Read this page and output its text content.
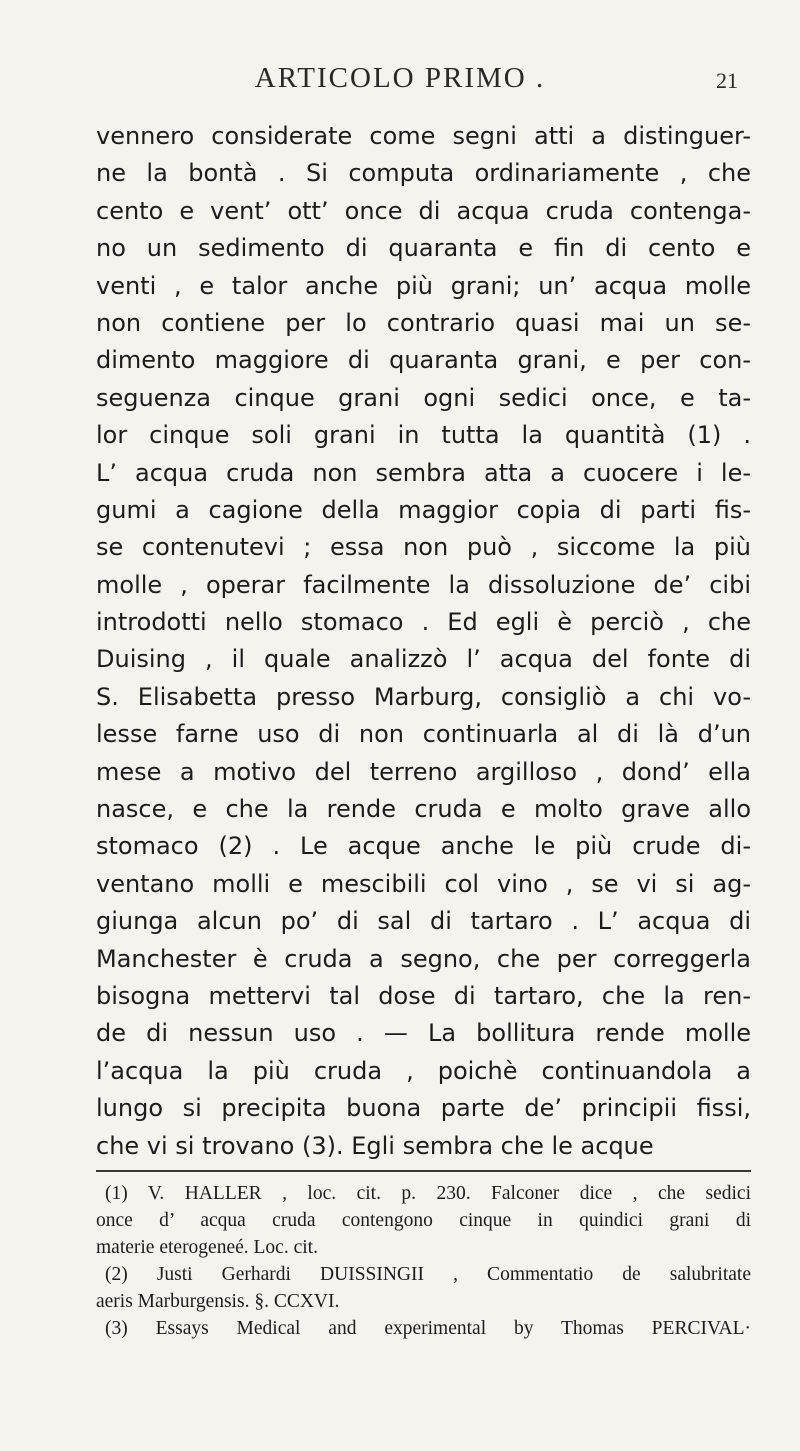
ARTICOLO PRIMO .	21
vennero considerate come segni atti a distinguer-
ne la bontà . Si computa ordinariamente , che
cento e vent’ ott’ once di acqua cruda contenga-
no un sedimento di quaranta e fin di cento e
venti , e talor anche più grani; un’ acqua molle
non contiene per lo contrario quasi mai un se-
dimento maggiore di quaranta grani, e per con-
seguenza cinque grani ogni sedici once, e ta-
lor cinque soli grani in tutta la quantità (1) .
L’ acqua cruda non sembra atta a cuocere i le-
gumi a cagione della maggior copia di parti fis-
se contenutevi ; essa non può , siccome la più
molle , operar facilmente la dissoluzione de’ cibi
introdotti nello stomaco . Ed egli è perciò , che
Duising , il quale analizzò l’ acqua del fonte di
S. Elisabetta presso Marburg, consigliò a chi vo-
lesse farne uso di non continuarla al di là d’un
mese a motivo del terreno argilloso , dond’ ella
nasce, e che la rende cruda e molto grave allo
stomaco (2) . Le acque anche le più crude di-
ventano molli e mescibili col vino , se vi si ag-
giunga alcun po’ di sal di tartaro . L’ acqua di
Manchester è cruda a segno, che per correggerla
bisogna mettervi tal dose di tartaro, che la ren-
de di nessun uso . — La bollitura rende molle
l’acqua la più cruda , poichè continuandola a
lungo si precipita buona parte de’ principii fissi,
che vi si trovano (3). Egli sembra che le acque
(1) V. HALLER , loc. cit. p. 230. Falconer dice , che sedici
once d’ acqua cruda contengono cinque in quindici grani di
materie eterogeneé. Loc. cit.
(2) Justi Gerhardi DUISSINGII , Commentatio de salubritate
aeris Marburgensis. §. CCXVI.
(3) Essays Medical and experimental by Thomas PERCIVAL·
